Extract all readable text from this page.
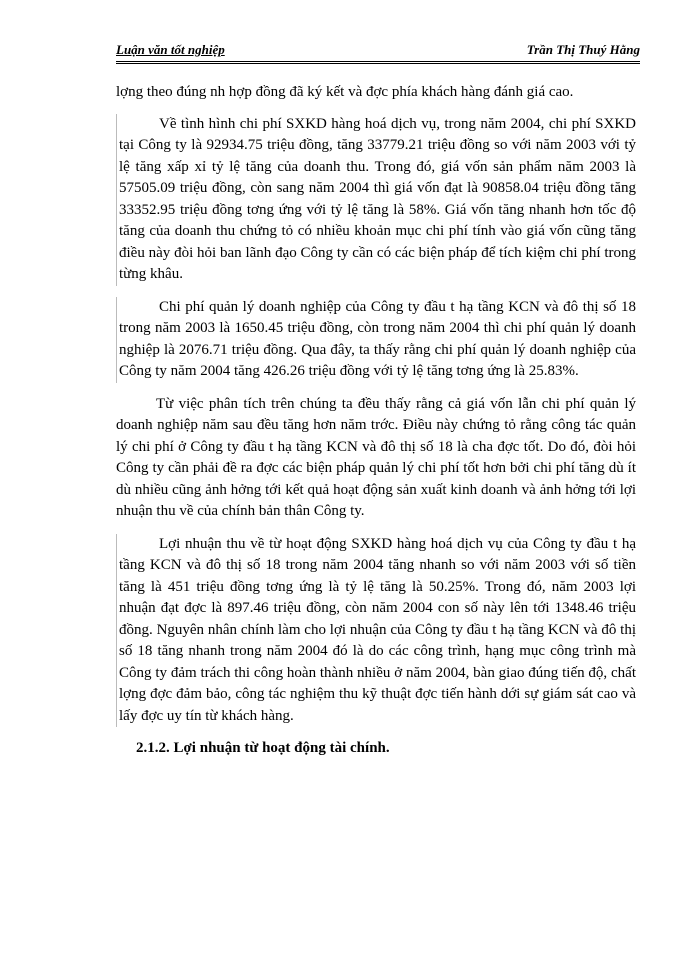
Luận văn tốt nghiệp	Trần Thị Thuý Hằng

lợng theo đúng nh hợp đồng đã ký kết và đợc phía khách hàng đánh giá cao.

Về tình hình chi phí SXKD hàng hoá dịch vụ, trong năm 2004, chi phí SXKD tại Công ty là 92934.75 triệu đồng, tăng 33779.21 triệu đồng so với năm 2003 với tỷ lệ tăng xấp xỉ tỷ lệ tăng của doanh thu. Trong đó, giá vốn sản phẩm năm 2003 là 57505.09 triệu đồng, còn sang năm 2004 thì giá vốn đạt là 90858.04 triệu đồng tăng 33352.95 triệu đồng tơng ứng với tỷ lệ tăng là 58%. Giá vốn tăng nhanh hơn tốc độ tăng của doanh thu chứng tỏ có nhiều khoản mục chi phí tính vào giá vốn cũng tăng điều này đòi hỏi ban lãnh đạo Công ty cần có các biện pháp để tích kiệm chi phí trong từng khâu.

Chi phí quản lý doanh nghiệp của Công ty đầu t hạ tầng KCN và đô thị số 18 trong năm 2003 là 1650.45 triệu đồng, còn trong năm 2004 thì chi phí quản lý doanh nghiệp là 2076.71 triệu đồng. Qua đây, ta thấy rằng chi phí quản lý doanh nghiệp của Công ty năm 2004 tăng 426.26 triệu đồng với tỷ lệ tăng tơng ứng là 25.83%.

Từ việc phân tích trên chúng ta đều thấy rằng cả giá vốn lẫn chi phí quản lý doanh nghiệp năm sau đều tăng hơn năm trớc. Điều này chứng tỏ rằng công tác quản lý chi phí ở Công ty đầu t hạ tầng KCN và đô thị số 18 là cha đợc tốt. Do đó, đòi hỏi Công ty cần phải đề ra đợc các biện pháp quản lý chi phí tốt hơn bởi chi phí tăng dù ít dù nhiều cũng ảnh hởng tới kết quả hoạt động sản xuất kinh doanh và ảnh hởng tới lợi nhuận thu về của chính bản thân Công ty.

Lợi nhuận thu về từ hoạt động SXKD hàng hoá dịch vụ của Công ty đầu t hạ tầng KCN và đô thị số 18 trong năm 2004 tăng nhanh so với năm 2003 với số tiền tăng là 451 triệu đồng tơng ứng là tỷ lệ tăng là 50.25%. Trong đó, năm 2003 lợi nhuận đạt đợc là 897.46 triệu đồng, còn năm 2004 con số này lên tới 1348.46 triệu đồng. Nguyên nhân chính làm cho lợi nhuận của Công ty đầu t hạ tầng KCN và đô thị số 18 tăng nhanh trong năm 2004 đó là do các công trình, hạng mục công trình mà Công ty đảm trách thi công hoàn thành nhiều ở năm 2004, bàn giao đúng tiến độ, chất lợng đợc đảm bảo, công tác nghiệm thu kỹ thuật đợc tiến hành dới sự giám sát cao và lấy đợc uy tín từ khách hàng.

2.1.2. Lợi nhuận từ hoạt động tài chính.
